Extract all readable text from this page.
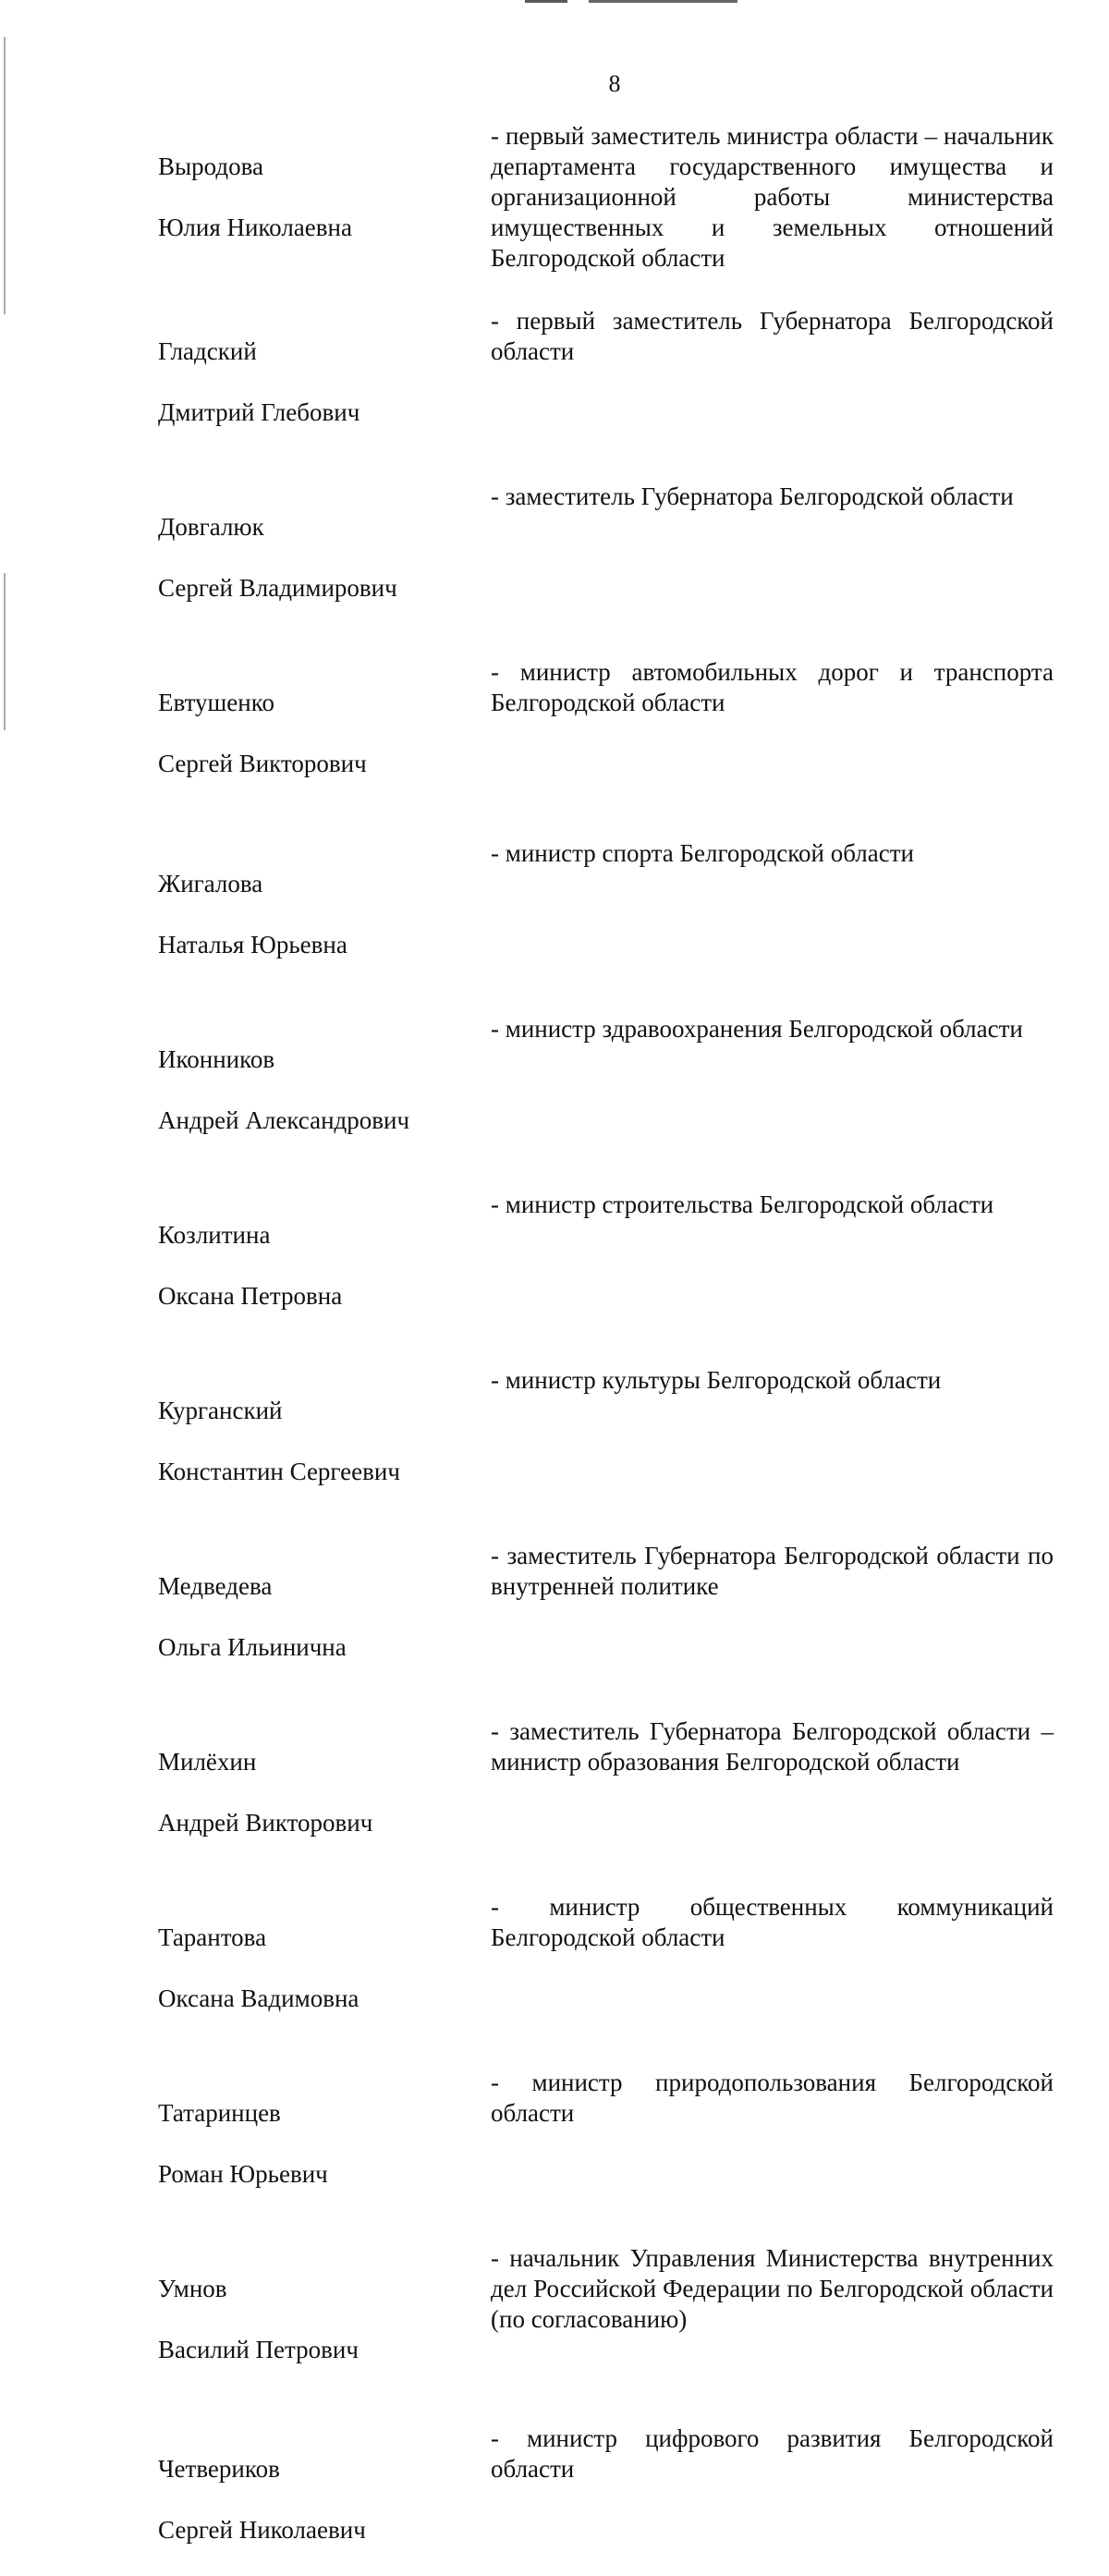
8

Выродова

Юлия Николаевна

- первый заместитель министра области – начальник департамента государственного имущества и организационной работы министерства имущественных и земельных отношений Белгородской области

Гладский

Дмитрий Глебович

- первый заместитель Губернатора Белгородской области

Довгалюк

Сергей Владимирович

- заместитель Губернатора Белгородской области

Евтушенко

Сергей Викторович

- министр автомобильных дорог и транспорта Белгородской области

Жигалова

Наталья Юрьевна

- министр спорта Белгородской области

Иконников

Андрей Александрович

- министр здравоохранения Белгородской области

Козлитина

Оксана Петровна

- министр строительства Белгородской области

Курганский

Константин Сергеевич

- министр культуры Белгородской области

Медведева

Ольга Ильинична

- заместитель Губернатора Белгородской области по внутренней политике

Милёхин

Андрей Викторович

- заместитель Губернатора Белгородской области – министр образования Белгородской области

Тарантова

Оксана Вадимовна

- министр общественных коммуникаций Белгородской области

Татаринцев

Роман Юрьевич

- министр природопользования Белгородской области

Умнов

Василий Петрович

- начальник Управления Министерства внутренних дел Российской Федерации по Белгородской области (по согласованию)

Четвериков

Сергей Николаевич

- министр цифрового развития Белгородской области
